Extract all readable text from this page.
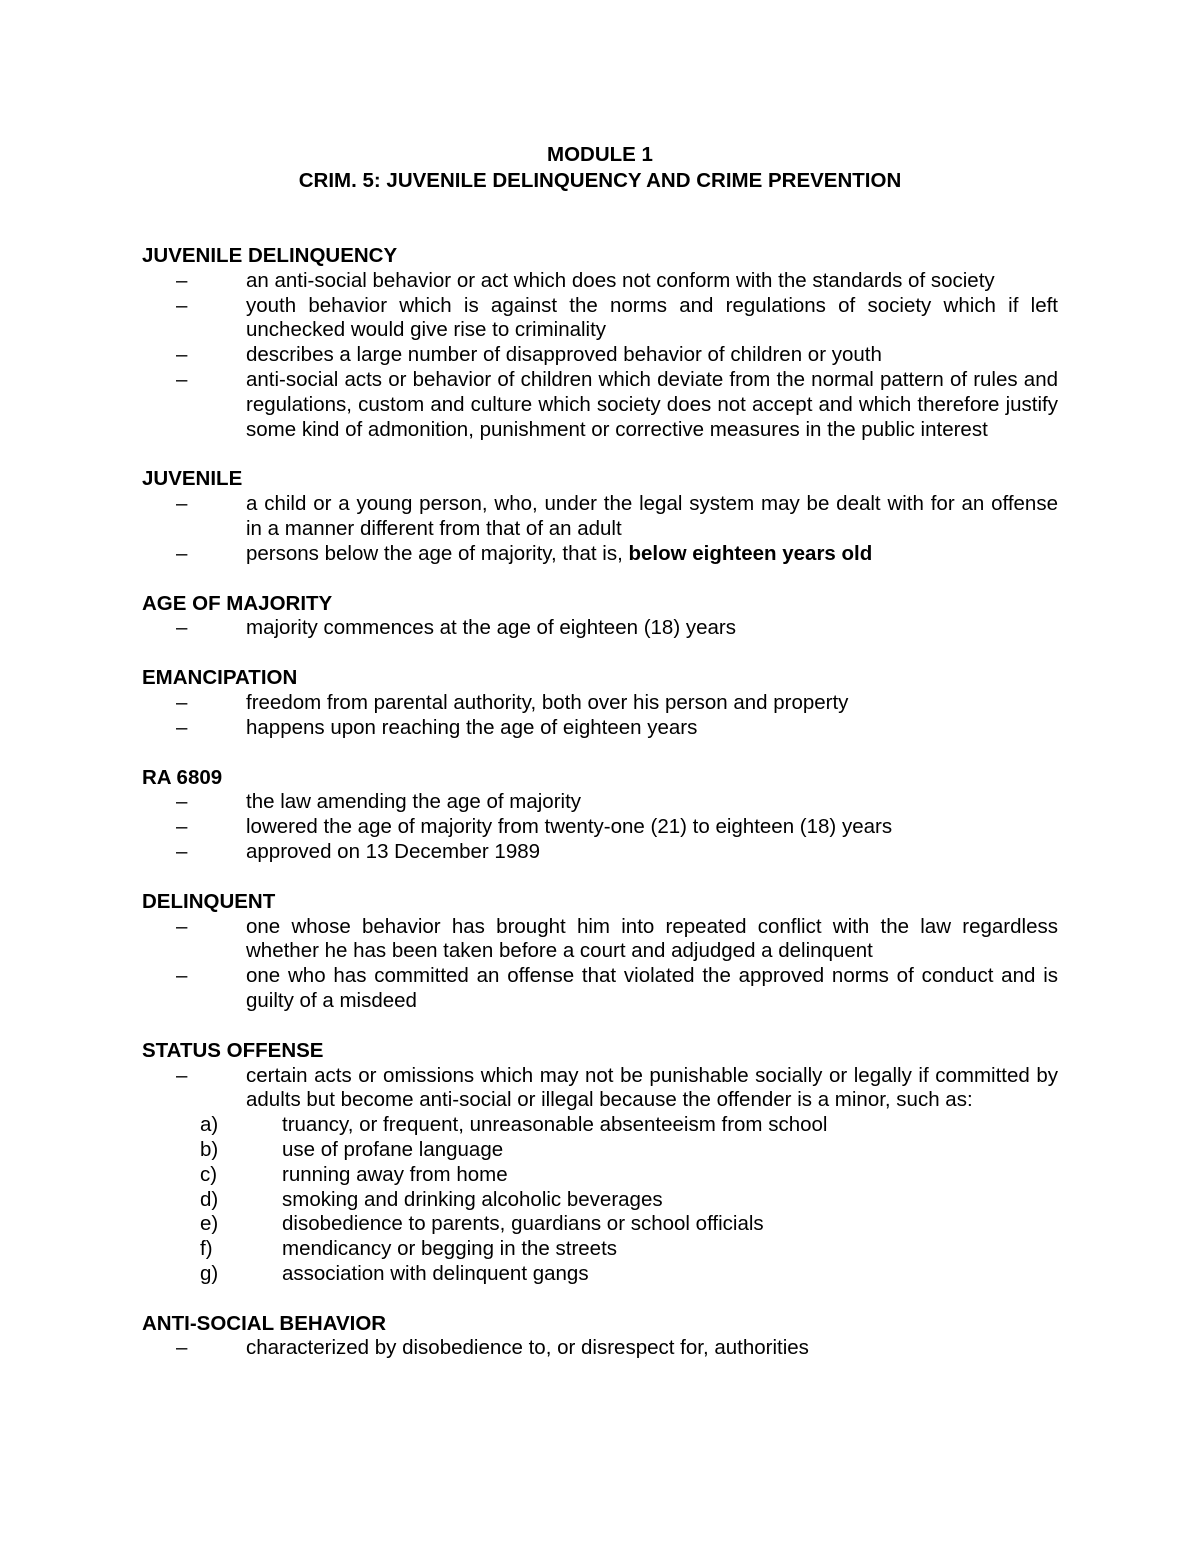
MODULE 1
CRIM. 5: JUVENILE DELINQUENCY AND CRIME PREVENTION
JUVENILE DELINQUENCY
–	an anti-social behavior or act which does not conform with the standards of society
–	youth behavior which is against the norms and regulations of society which if left unchecked would give rise to criminality
–	describes a large number of disapproved behavior of children or youth
–	anti-social acts or behavior of children which deviate from the normal pattern of rules and regulations, custom and culture which society does not accept and which therefore justify some kind of admonition, punishment or corrective measures in the public interest
JUVENILE
–	a child or a young person, who, under the legal system may be dealt with for an offense in a manner different from that of an adult
–	persons below the age of majority, that is, below eighteen years old
AGE OF MAJORITY
–	majority commences at the age of eighteen (18) years
EMANCIPATION
–	freedom from parental authority, both over his person and property
–	happens upon reaching the age of eighteen years
RA 6809
–	the law amending the age of majority
–	lowered the age of majority from twenty-one (21) to eighteen (18) years
–	approved on 13 December 1989
DELINQUENT
–	one whose behavior has brought him into repeated conflict with the law regardless whether he has been taken before a court and adjudged a delinquent
–	one who has committed an offense that violated the approved norms of conduct and is guilty of a misdeed
STATUS OFFENSE
–	certain acts or omissions which may not be punishable socially or legally if committed by adults but become anti-social or illegal because the offender is a minor, such as:
a)	truancy, or frequent, unreasonable absenteeism from school
b)	use of profane language
c)	running away from home
d)	smoking and drinking alcoholic beverages
e)	disobedience to parents, guardians or school officials
f)	mendicancy or begging in the streets
g)	association with delinquent gangs
ANTI-SOCIAL BEHAVIOR
–	characterized by disobedience to, or disrespect for, authorities
